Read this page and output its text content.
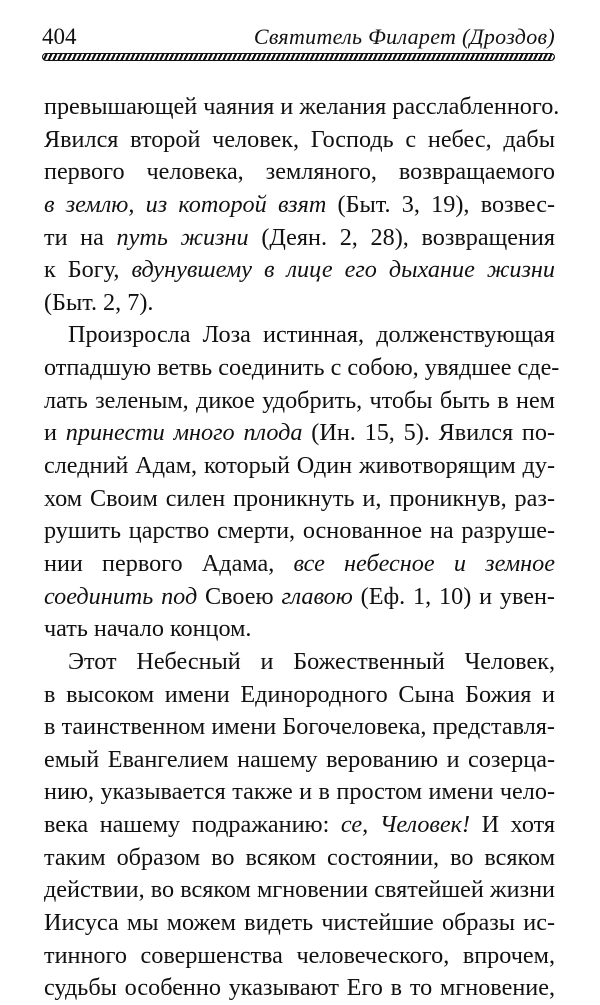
404	Святитель Филарет (Дроздов)
превышающей чаяния и желания расслабленного.
Явился второй человек, Господь с небес, дабы
первого человека, земляного, возвращаемого
в землю, из которой взят (Быт. 3, 19), возвес-
ти на путь жизни (Деян. 2, 28), возвращения
к Богу, вдунувшему в лице его дыхание жизни
(Быт. 2, 7).
Произросла Лоза истинная, долженствующая
отпадшую ветвь соединить с собою, увядшее сде-
лать зеленым, дикое удобрить, чтобы быть в нем
и принести много плода (Ин. 15, 5). Явился по-
следний Адам, который Один животворящим ду-
хом Своим силен проникнуть и, проникнув, раз-
рушить царство смерти, основанное на разруше-
нии первого Адама, все небесное и земное
соединить под Своею главою (Еф. 1, 10) и увен-
чать начало концом.
Этот Небесный и Божественный Человек,
в высоком имени Единородного Сына Божия и
в таинственном имени Богочеловека, представля-
емый Евангелием нашему верованию и созерца-
нию, указывается также и в простом имени чело-
века нашему подражанию: се, Человек! И хотя
таким образом во всяком состоянии, во всяком
действии, во всяком мгновении святейшей жизни
Иисуса мы можем видеть чистейшие образы ис-
тинного совершенства человеческого, впрочем,
судьбы особенно указывают Его в то мгновение,
